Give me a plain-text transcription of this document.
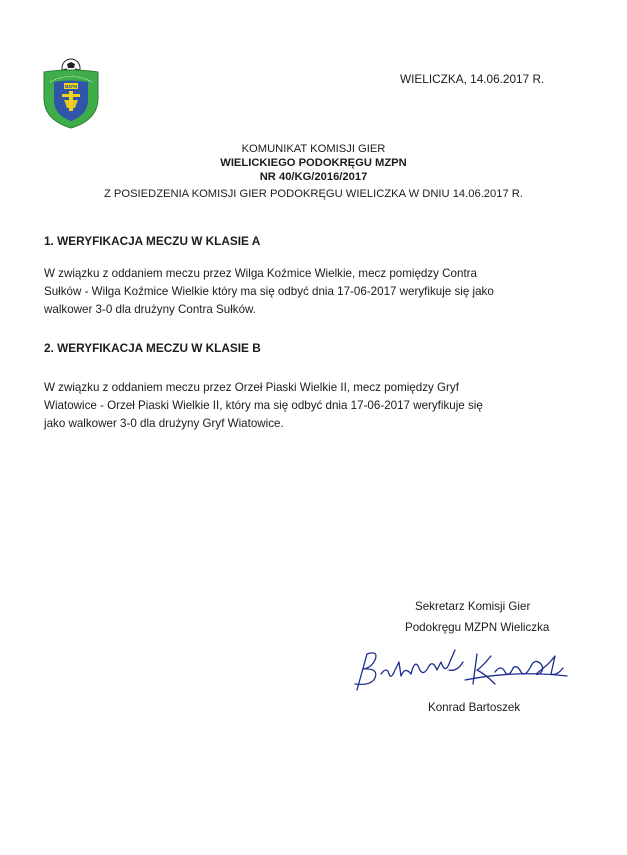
MZPN
WIELICZKA, 14.06.2017 R.
KOMUNIKAT KOMISJI GIER
WIELICKIEGO PODOKRĘGU MZPN
NR 40/KG/2016/2017
Z POSIEDZENIA KOMISJI GIER PODOKRĘGU WIELICZKA W DNIU 14.06.2017 R.
1. WERYFIKACJA MECZU W KLASIE A
W związku z oddaniem meczu przez Wilga Koźmice Wielkie, mecz pomiędzy Contra
Sułków - Wilga Koźmice Wielkie który ma się odbyć dnia 17-06-2017 weryfikuje się jako
walkower 3-0 dla drużyny Contra Sułków.
2. WERYFIKACJA MECZU W KLASIE B
W związku z oddaniem meczu przez Orzeł Piaski Wielkie II, mecz pomiędzy Gryf
Wiatowice - Orzeł Piaski Wielkie II, który ma się odbyć dnia 17-06-2017 weryfikuje się
jako walkower 3-0 dla drużyny Gryf Wiatowice.
Sekretarz Komisji Gier
Podokręgu MZPN Wieliczka
Konrad Bartoszek
